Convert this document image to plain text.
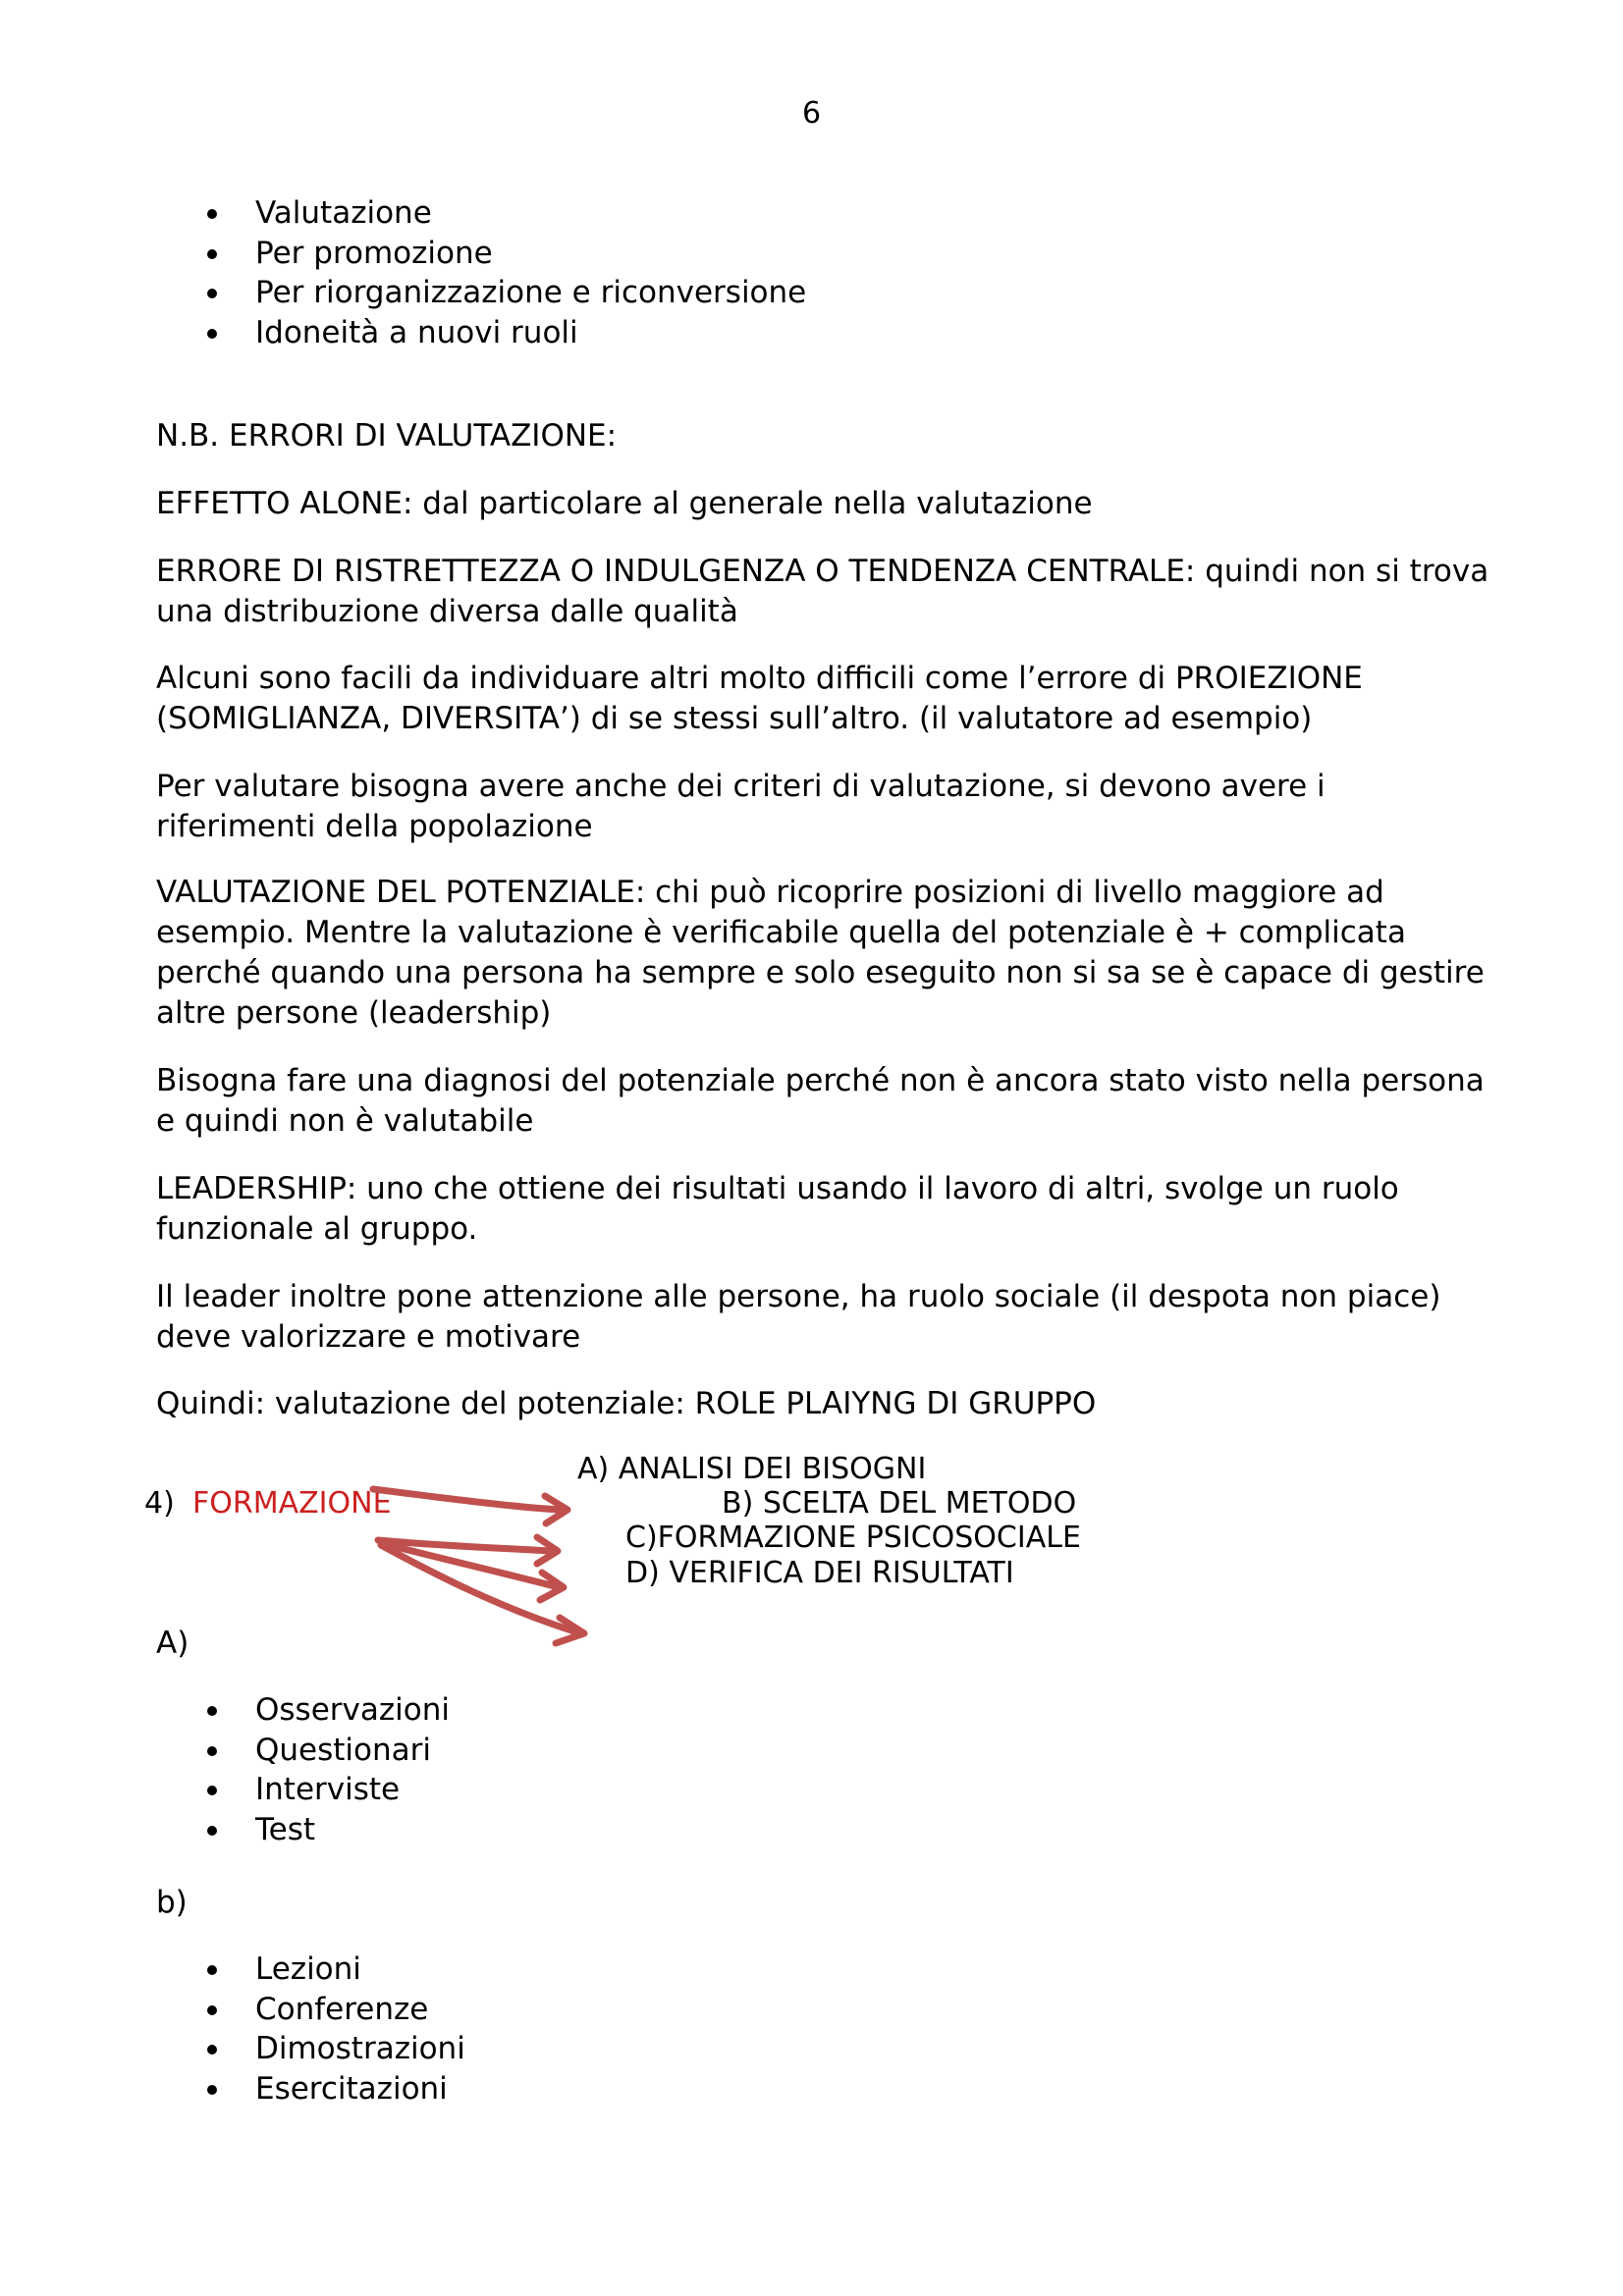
6
Valutazione
Per promozione
Per riorganizzazione e riconversione
Idoneità a nuovi ruoli

N.B. ERRORI DI VALUTAZIONE:

EFFETTO ALONE: dal particolare al generale nella valutazione

ERRORE DI RISTRETTEZZA O INDULGENZA O TENDENZA CENTRALE: quindi non si trova
una distribuzione diversa dalle qualità
Alcuni sono facili da individuare altri molto difficili come l’errore di PROIEZIONE
(SOMIGLIANZA, DIVERSITA’) di se stessi sull’altro. (il valutatore ad esempio)
Per valutare bisogna avere anche dei criteri di valutazione, si devono avere i
riferimenti della popolazione
VALUTAZIONE DEL POTENZIALE: chi può ricoprire posizioni di livello maggiore ad
esempio. Mentre la valutazione è verificabile quella del potenziale è + complicata
perché quando una persona ha sempre e solo eseguito non si sa se è capace di gestire
altre persone (leadership)
Bisogna fare una diagnosi del potenziale perché non è ancora stato visto nella persona
e quindi non è valutabile
LEADERSHIP: uno che ottiene dei risultati usando il lavoro di altri, svolge un ruolo
funzionale al gruppo.
Il leader inoltre pone attenzione alle persone, ha ruolo sociale (il despota non piace)
deve valorizzare e motivare

Quindi: valutazione del potenziale: ROLE PLAIYNG DI GRUPPO

4) FORMAZIONE
A) ANALISI DEI BISOGNI
B) SCELTA DEL METODO
C)FORMAZIONE PSICOSOCIALE
D) VERIFICA DEI RISULTATI

A)

Osservazioni
Questionari
Interviste
Test

b)

Lezioni
Conferenze
Dimostrazioni
Esercitazioni
